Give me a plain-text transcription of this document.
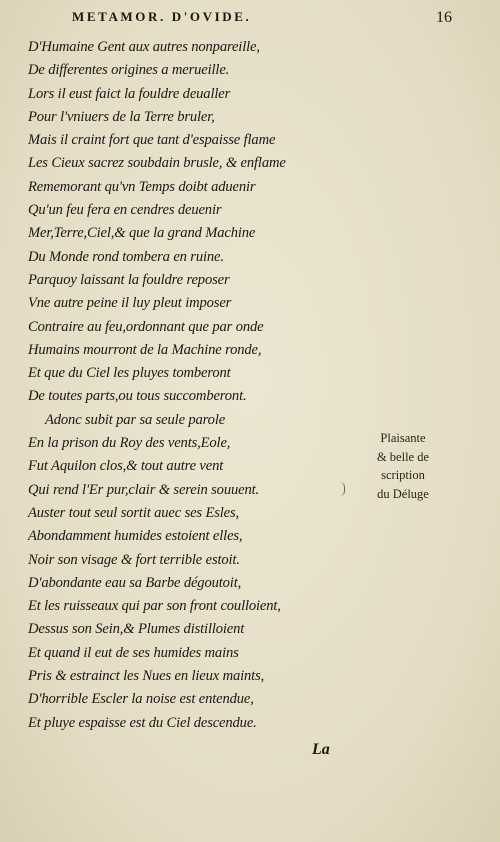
METAMOR. D'OVIDE.	16
D'Humaine Gent aux autres nonpareille,
De differentes origines a merueille.
Lors il eust faict la fouldre deualler
Pour l'vniuers de la Terre bruler,
Mais il craint fort que tant d'espaisse flame
Les Cieux sacrez soubdain brusle, & enflame
Rememorant qu'vn Temps doibt aduenir
Qu'un feu fera en cendres deuenir
Mer,Terre,Ciel,& que la grand Machine
Du Monde rond tombera en ruine.
Parquoy laissant la fouldre reposer
Vne autre peine il luy pleut imposer
Contraire au feu,ordonnant que par onde
Humains mourront de la Machine ronde,
Et que du Ciel les pluyes tomberont
De toutes parts,ou tous succomberont.
Adonc subit par sa seule parole
En la prison du Roy des vents,Eole,
Fut Aquilon clos,& tout autre vent
Qui rend l'Er pur,clair & serein souuent.
Auster tout seul sortit auec ses Esles,
Abondamment humides estoient elles,
Noir son visage & fort terrible estoit.
D'abondante eau sa Barbe dégoutoit,
Et les ruisseaux qui par son front coulloient,
Dessus son Sein,& Plumes distilloient
Et quand il eut de ses humides mains
Pris & estrainct les Nues en lieux maints,
D'horrible Escler la noise est entendue,
Et pluye espaisse est du Ciel descendue.
Plaisante
& belle de
scription
du Déluge
La
